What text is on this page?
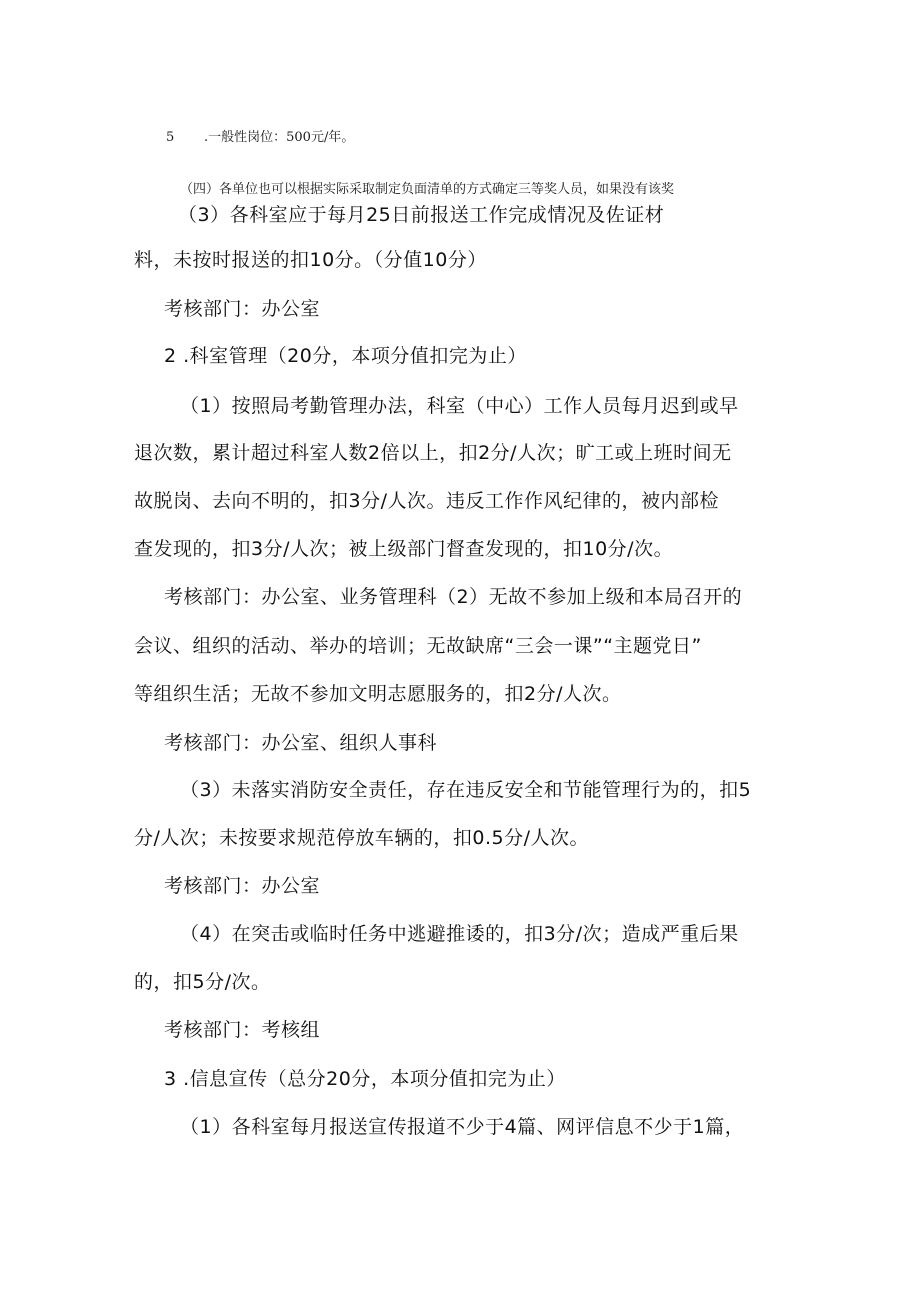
5 .一般性岗位：500元/年。
（四）各单位也可以根据实际采取制定负面清单的方式确定三等奖人员，如果没有该奖
（3）各科室应于每月25日前报送工作完成情况及佐证材
料，未按时报送的扣10分。（分值10分）
考核部门：办公室
2 .科室管理（20分，本项分值扣完为止）
（1）按照局考勤管理办法，科室（中心）工作人员每月迟到或早
退次数，累计超过科室人数2倍以上，扣2分/人次；旷工或上班时间无
故脱岗、去向不明的，扣3分/人次。违反工作作风纪律的，被内部检
查发现的，扣3分/人次；被上级部门督查发现的，扣10分/次。
考核部门：办公室、业务管理科（2）无故不参加上级和本局召开的
会议、组织的活动、举办的培训；无故缺席“三会一课”“主题党日”
等组织生活；无故不参加文明志愿服务的，扣2分/人次。
考核部门：办公室、组织人事科
（3）未落实消防安全责任，存在违反安全和节能管理行为的，扣5
分/人次；未按要求规范停放车辆的，扣0.5分/人次。
考核部门：办公室
（4）在突击或临时任务中逃避推诿的，扣3分/次；造成严重后果
的，扣5分/次。
考核部门：考核组
3 .信息宣传（总分20分，本项分值扣完为止）
（1）各科室每月报送宣传报道不少于4篇、网评信息不少于1篇，
